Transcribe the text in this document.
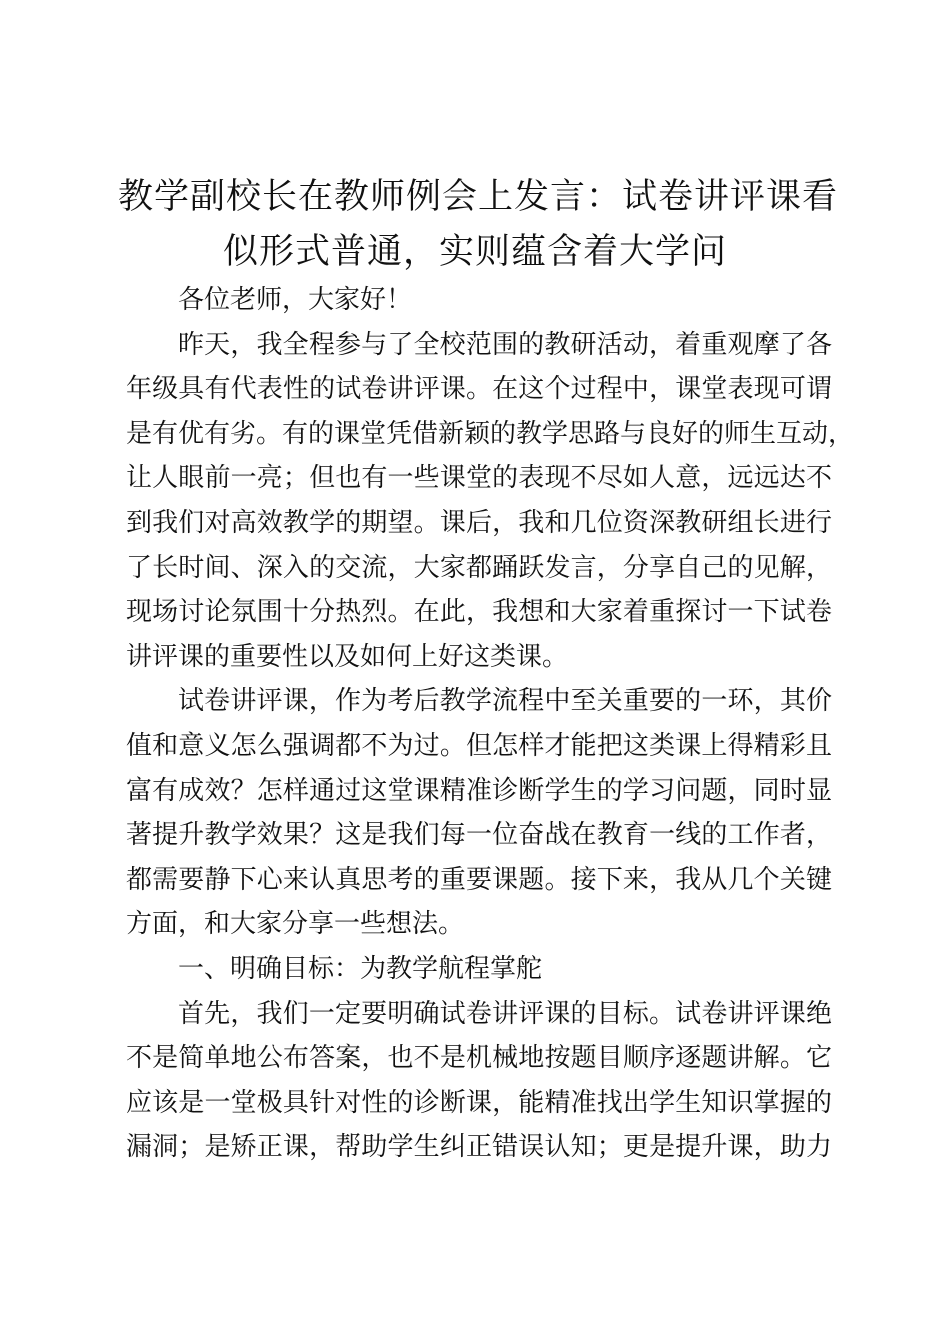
教学副校长在教师例会上发言：试卷讲评课看
似形式普通，实则蕴含着大学问

各位老师，大家好！

昨天，我全程参与了全校范围的教研活动，着重观摩了各
年级具有代表性的试卷讲评课。在这个过程中，课堂表现可谓
是有优有劣。有的课堂凭借新颖的教学思路与良好的师生互动，
让人眼前一亮；但也有一些课堂的表现不尽如人意，远远达不
到我们对高效教学的期望。课后，我和几位资深教研组长进行
了长时间、深入的交流，大家都踊跃发言，分享自己的见解，
现场讨论氛围十分热烈。在此，我想和大家着重探讨一下试卷
讲评课的重要性以及如何上好这类课。

试卷讲评课，作为考后教学流程中至关重要的一环，其价
值和意义怎么强调都不为过。但怎样才能把这类课上得精彩且
富有成效？怎样通过这堂课精准诊断学生的学习问题，同时显
著提升教学效果？这是我们每一位奋战在教育一线的工作者，
都需要静下心来认真思考的重要课题。接下来，我从几个关键
方面，和大家分享一些想法。

一、明确目标：为教学航程掌舵

首先，我们一定要明确试卷讲评课的目标。试卷讲评课绝
不是简单地公布答案，也不是机械地按题目顺序逐题讲解。它
应该是一堂极具针对性的诊断课，能精准找出学生知识掌握的
漏洞；是矫正课，帮助学生纠正错误认知；更是提升课，助力
